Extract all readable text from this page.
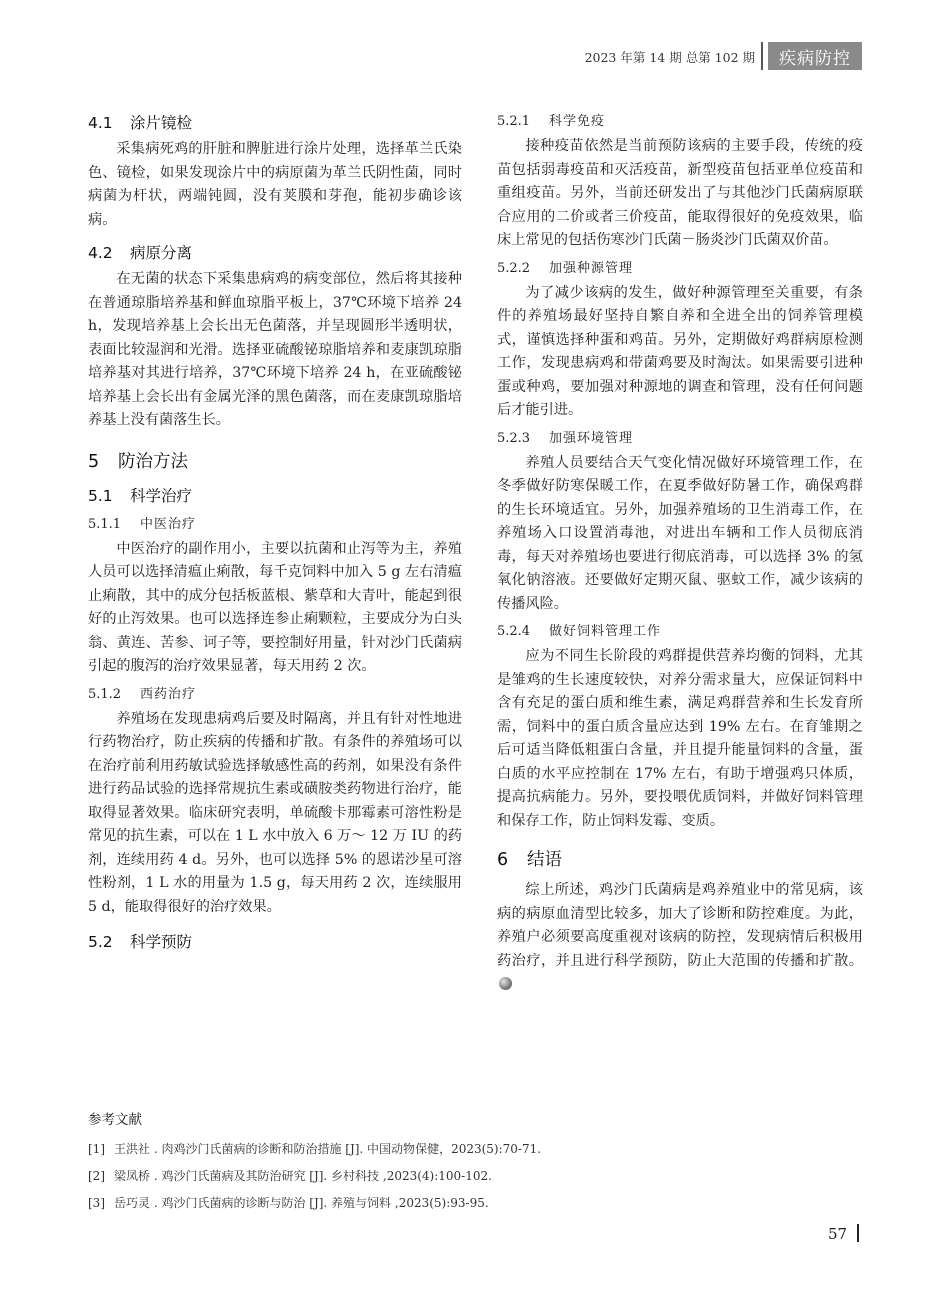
2023 年第 14 期 总第 102 期	疾病防控
4.1 涂片镜检

采集病死鸡的肝脏和脾脏进行涂片处理，选择革兰氏染色、镜检，如果发现涂片中的病原菌为革兰氏阴性菌，同时病菌为杆状，两端钝圆，没有荚膜和芽孢，能初步确诊该病。

4.2 病原分离

在无菌的状态下采集患病鸡的病变部位，然后将其接种在普通琼脂培养基和鲜血琼脂平板上，37℃环境下培养 24 h，发现培养基上会长出无色菌落，并呈现圆形半透明状，表面比较湿润和光滑。选择亚硫酸铋琼脂培养和麦康凯琼脂培养基对其进行培养，37℃环境下培养 24 h，在亚硫酸铋培养基上会长出有金属光泽的黑色菌落，而在麦康凯琼脂培养基上没有菌落生长。

5 防治方法
5.1 科学治疗
5.1.1 中医治疗

中医治疗的副作用小，主要以抗菌和止泻等为主，养殖人员可以选择清瘟止痢散，每千克饲料中加入 5 g 左右清瘟止痢散，其中的成分包括板蓝根、紫草和大青叶，能起到很好的止泻效果。也可以选择连参止痢颗粒，主要成分为白头翁、黄连、苦参、诃子等，要控制好用量，针对沙门氏菌病引起的腹泻的治疗效果显著，每天用药 2 次。

5.1.2 西药治疗

养殖场在发现患病鸡后要及时隔离，并且有针对性地进行药物治疗，防止疾病的传播和扩散。有条件的养殖场可以在治疗前利用药敏试验选择敏感性高的药剂，如果没有条件进行药品试验的选择常规抗生素或磺胺类药物进行治疗，能取得显著效果。临床研究表明，单硫酸卡那霉素可溶性粉是常见的抗生素，可以在 1 L 水中放入 6 万～ 12 万 IU 的药剂，连续用药 4 d。另外，也可以选择 5% 的恩诺沙星可溶性粉剂，1 L 水的用量为 1.5 g，每天用药 2 次，连续服用 5 d，能取得很好的治疗效果。

5.2 科学预防
5.2.1 科学免疫

接种疫苗依然是当前预防该病的主要手段，传统的疫苗包括弱毒疫苗和灭活疫苗，新型疫苗包括亚单位疫苗和重组疫苗。另外，当前还研发出了与其他沙门氏菌病原联合应用的二价或者三价疫苗，能取得很好的免疫效果，临床上常见的包括伤寒沙门氏菌－肠炎沙门氏菌双价苗。

5.2.2 加强种源管理

为了减少该病的发生，做好种源管理至关重要，有条件的养殖场最好坚持自繁自养和全进全出的饲养管理模式，谨慎选择种蛋和鸡苗。另外，定期做好鸡群病原检测工作，发现患病鸡和带菌鸡要及时淘汰。如果需要引进种蛋或种鸡，要加强对种源地的调查和管理，没有任何问题后才能引进。

5.2.3 加强环境管理

养殖人员要结合天气变化情况做好环境管理工作，在冬季做好防寒保暖工作，在夏季做好防暑工作，确保鸡群的生长环境适宜。另外，加强养殖场的卫生消毒工作，在养殖场入口设置消毒池，对进出车辆和工作人员彻底消毒，每天对养殖场也要进行彻底消毒，可以选择 3% 的氢氧化钠溶液。还要做好定期灭鼠、驱蚊工作，减少该病的传播风险。

5.2.4 做好饲料管理工作

应为不同生长阶段的鸡群提供营养均衡的饲料，尤其是雏鸡的生长速度较快，对养分需求量大，应保证饲料中含有充足的蛋白质和维生素，满足鸡群营养和生长发育所需，饲料中的蛋白质含量应达到 19% 左右。在育雏期之后可适当降低粗蛋白含量，并且提升能量饲料的含量，蛋白质的水平应控制在 17% 左右，有助于增强鸡只体质，提高抗病能力。另外，要投喂优质饲料，并做好饲料管理和保存工作，防止饲料发霉、变质。

6 结语

综上所述，鸡沙门氏菌病是鸡养殖业中的常见病，该病的病原血清型比较多，加大了诊断和防控难度。为此，养殖户必须要高度重视对该病的防控，发现病情后积极用药治疗，并且进行科学预防，防止大范围的传播和扩散。

参考文献
[1] 王洪社 . 肉鸡沙门氏菌病的诊断和防治措施 [J]. 中国动物保健，2023(5):70-71.
[2] 梁凤桥 . 鸡沙门氏菌病及其防治研究 [J]. 乡村科技 ,2023(4):100-102.
[3] 岳巧灵 . 鸡沙门氏菌病的诊断与防治 [J]. 养殖与饲料 ,2023(5):93-95.
57
